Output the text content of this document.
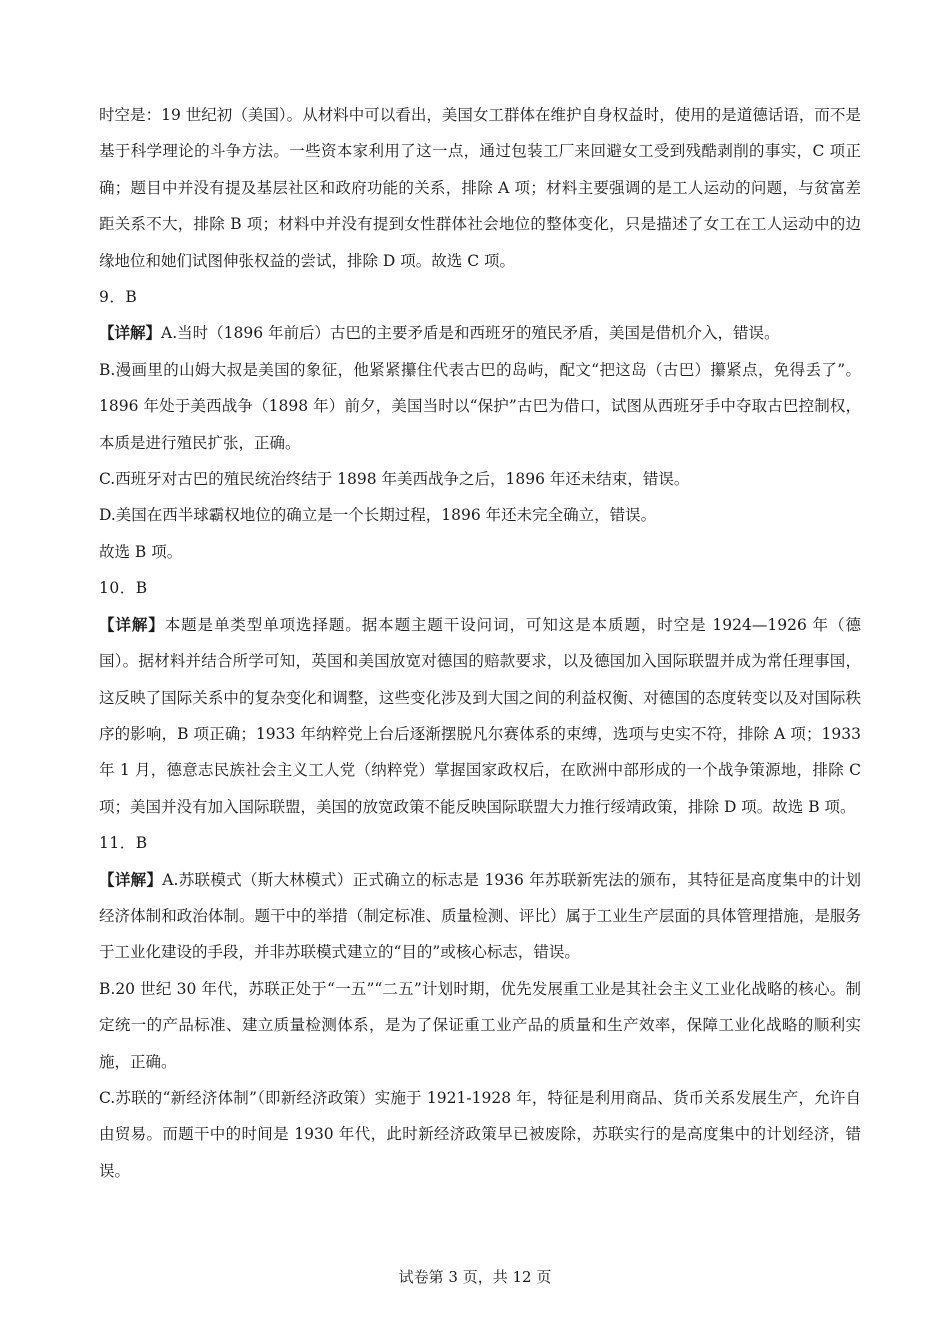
时空是：19 世纪初（美国）。从材料中可以看出，美国女工群体在维护自身权益时，使用的是道德话语，而不是基于科学理论的斗争方法。一些资本家利用了这一点，通过包装工厂来回避女工受到残酷剥削的事实，C 项正确；题目中并没有提及基层社区和政府功能的关系，排除 A 项；材料主要强调的是工人运动的问题，与贫富差距关系不大，排除 B 项；材料中并没有提到女性群体社会地位的整体变化，只是描述了女工在工人运动中的边缘地位和她们试图伸张权益的尝试，排除 D 项。故选 C 项。

9．B

【详解】A.当时（1896 年前后）古巴的主要矛盾是和西班牙的殖民矛盾，美国是借机介入，错误。

B.漫画里的山姆大叔是美国的象征，他紧紧攥住代表古巴的岛屿，配文“把这岛（古巴）攥紧点，免得丢了”。1896 年处于美西战争（1898 年）前夕，美国当时以“保护”古巴为借口，试图从西班牙手中夺取古巴控制权，本质是进行殖民扩张，正确。

C.西班牙对古巴的殖民统治终结于 1898 年美西战争之后，1896 年还未结束，错误。

D.美国在西半球霸权地位的确立是一个长期过程，1896 年还未完全确立，错误。

故选 B 项。

10．B

【详解】本题是单类型单项选择题。据本题主题干设问词，可知这是本质题，时空是 1924—1926 年（德国）。据材料并结合所学可知，英国和美国放宽对德国的赔款要求，以及德国加入国际联盟并成为常任理事国，这反映了国际关系中的复杂变化和调整，这些变化涉及到大国之间的利益权衡、对德国的态度转变以及对国际秩序的影响，B 项正确；1933 年纳粹党上台后逐渐摆脱凡尔赛体系的束缚，选项与史实不符，排除 A 项；1933 年 1 月，德意志民族社会主义工人党（纳粹党）掌握国家政权后，在欧洲中部形成的一个战争策源地，排除 C 项；美国并没有加入国际联盟，美国的放宽政策不能反映国际联盟大力推行绥靖政策，排除 D 项。故选 B 项。

11．B

【详解】A.苏联模式（斯大林模式）正式确立的标志是 1936 年苏联新宪法的颁布，其特征是高度集中的计划经济体制和政治体制。题干中的举措（制定标准、质量检测、评比）属于工业生产层面的具体管理措施，是服务于工业化建设的手段，并非苏联模式建立的“目的”或核心标志，错误。

B.20 世纪 30 年代，苏联正处于“一五”“二五”计划时期，优先发展重工业是其社会主义工业化战略的核心。制定统一的产品标准、建立质量检测体系，是为了保证重工业产品的质量和生产效率，保障工业化战略的顺利实施，正确。

C.苏联的“新经济体制”（即新经济政策）实施于 1921-1928 年，特征是利用商品、货币关系发展生产，允许自由贸易。而题干中的时间是 1930 年代，此时新经济政策早已被废除，苏联实行的是高度集中的计划经济，错误。

试卷第 3 页，共 12 页
